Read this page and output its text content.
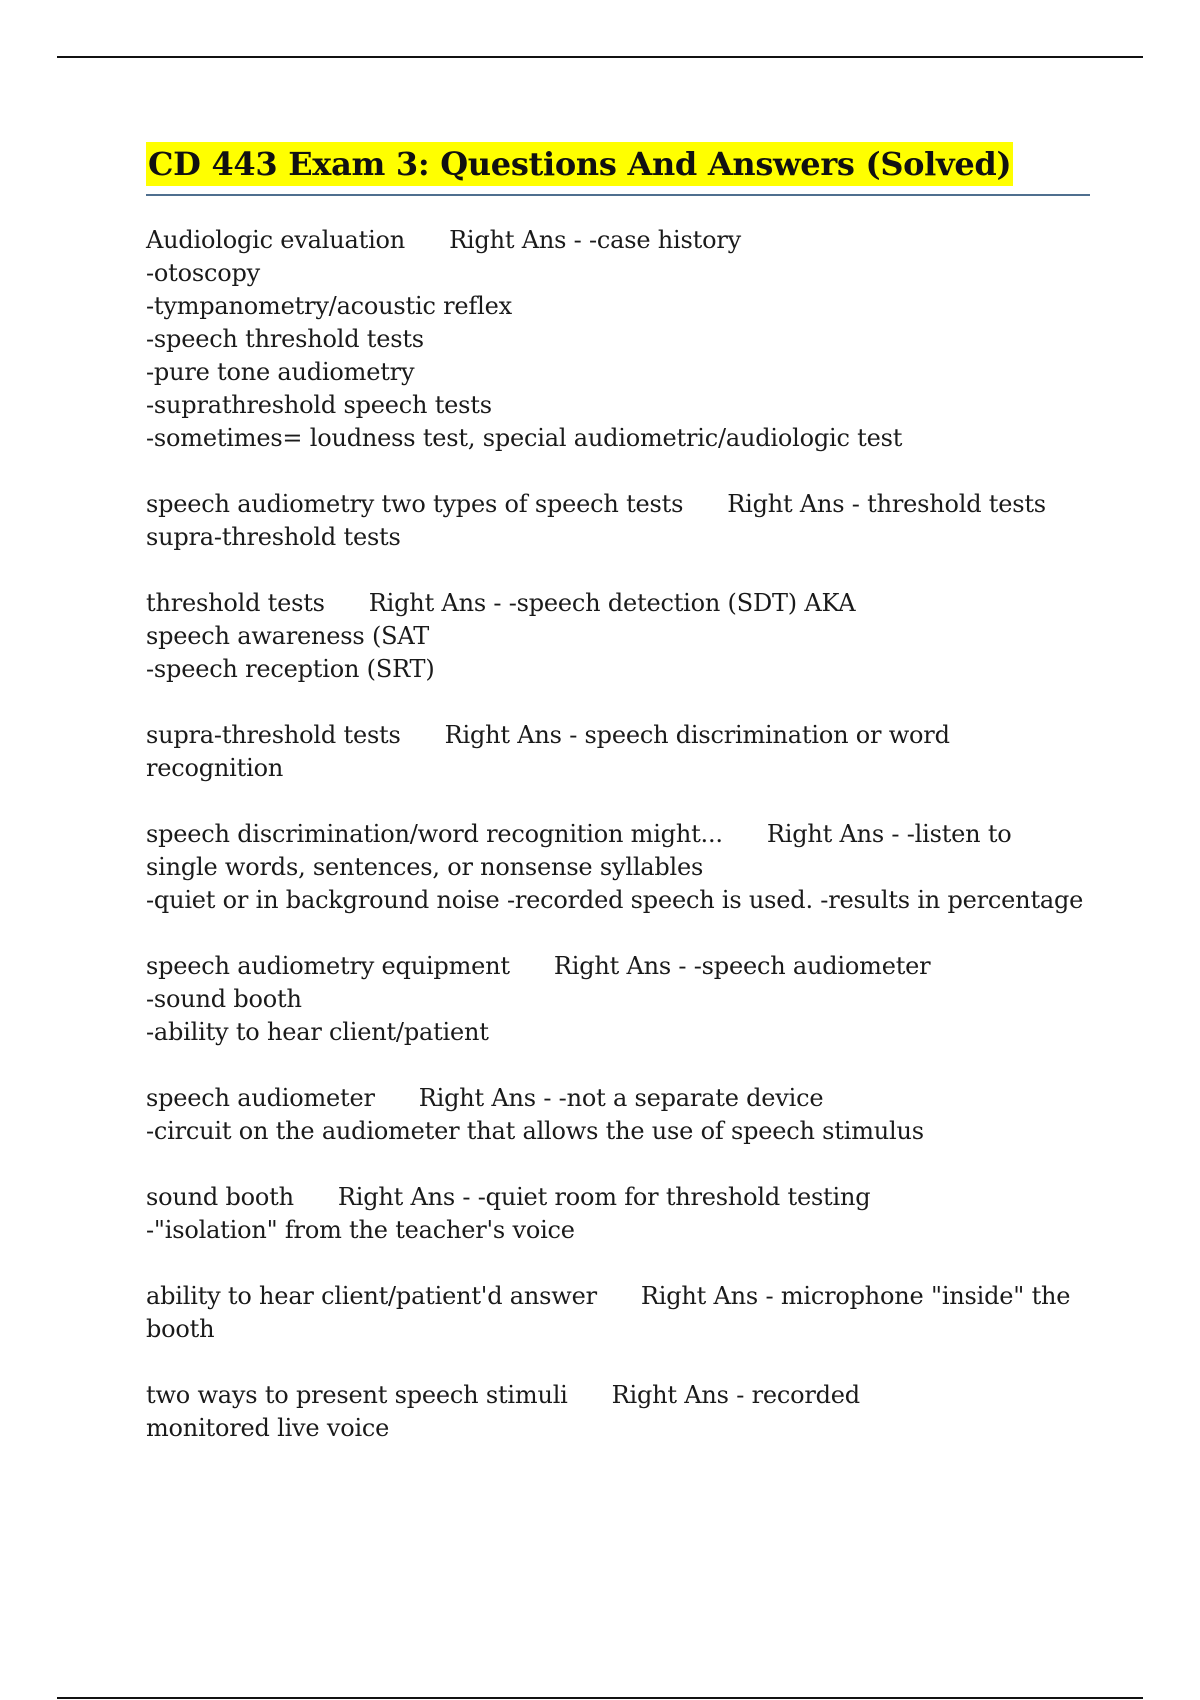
CD 443 Exam 3: Questions And Answers (Solved)

Audiologic evaluation Right Ans - -case history

-otoscopy

-tympanometry/acoustic reflex

-speech threshold tests

-pure tone audiometry

-suprathreshold speech tests

-sometimes= loudness test, special audiometric/audiologic test

speech audiometry two types of speech tests Right Ans - threshold tests

supra-threshold tests

threshold tests Right Ans - -speech detection (SDT) AKA

speech awareness (SAT

-speech reception (SRT)

supra-threshold tests Right Ans - speech discrimination or word

recognition

speech discrimination/word recognition might... Right Ans - -listen to

single words, sentences, or nonsense syllables

-quiet or in background noise -recorded speech is used. -results in percentage

speech audiometry equipment Right Ans - -speech audiometer

-sound booth

-ability to hear client/patient

speech audiometer Right Ans - -not a separate device

-circuit on the audiometer that allows the use of speech stimulus

sound booth Right Ans - -quiet room for threshold testing

-"isolation" from the teacher's voice

ability to hear client/patient'd answer Right Ans - microphone "inside" the

booth

two ways to present speech stimuli Right Ans - recorded

monitored live voice
